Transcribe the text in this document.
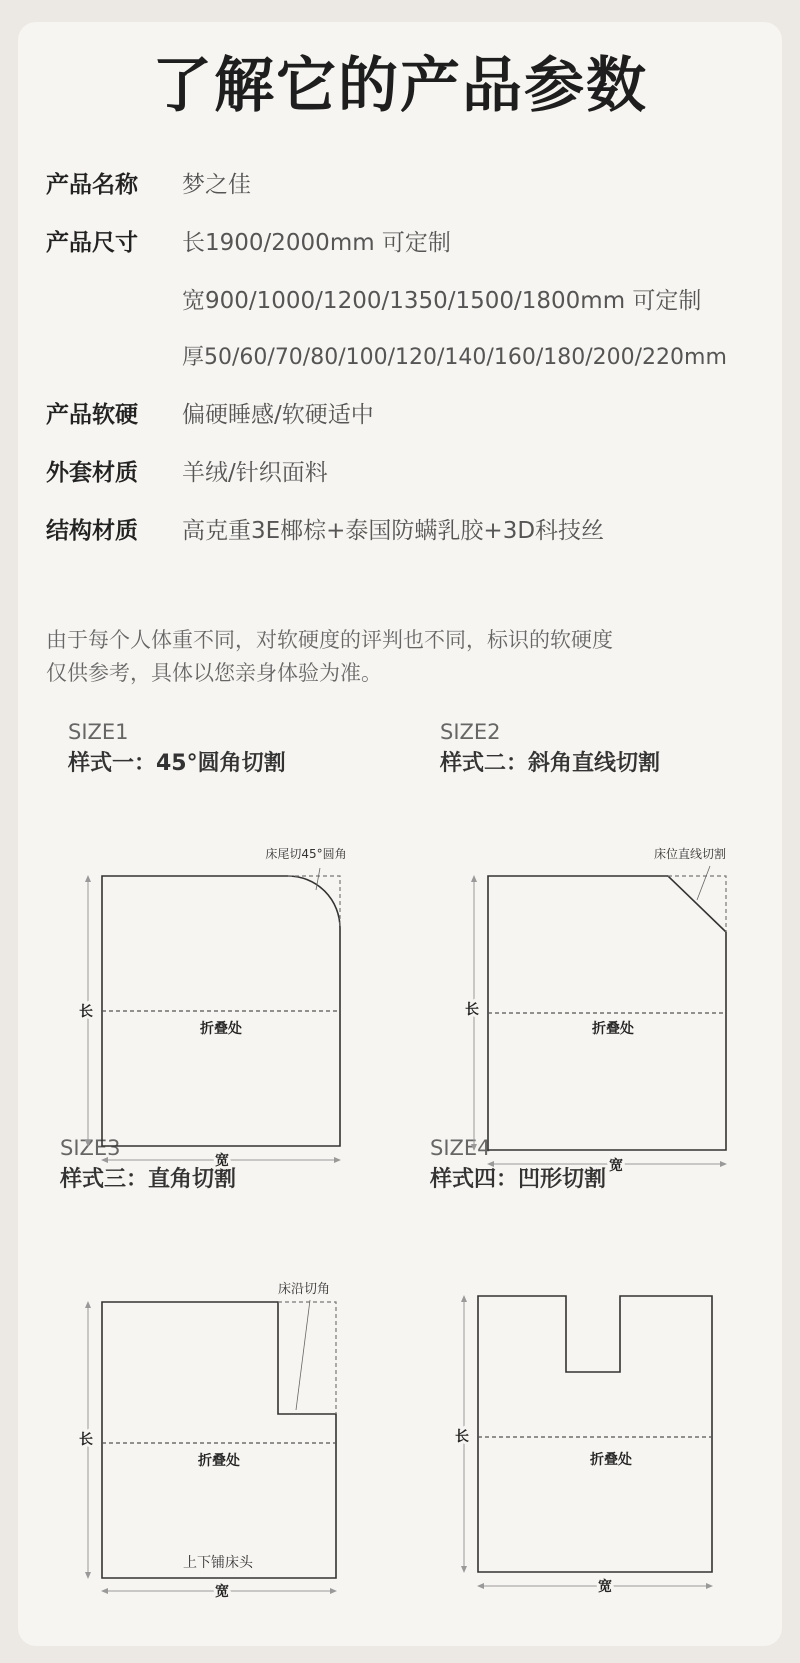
了解它的产品参数
产品名称 梦之佳
产品尺寸 长1900/2000mm 可定制
宽900/1000/1200/1350/1500/1800mm 可定制
厚50/60/70/80/100/120/140/160/180/200/220mm
产品软硬 偏硬睡感/软硬适中
外套材质 羊绒/针织面料
结构材质 高克重3E椰棕+泰国防螨乳胶+3D科技丝
由于每个人体重不同，对软硬度的评判也不同，标识的软硬度
仅供参考，具体以您亲身体验为准。
SIZE1
样式一：45°圆角切割
SIZE2
样式二：斜角直线切割
SIZE3
样式三：直角切割
SIZE4
样式四：凹形切割
床尾切45°圆角
长
宽
折叠处
床位直线切割
长
宽
折叠处
床沿切角
长
宽
折叠处
上下铺床头
长
宽
折叠处
